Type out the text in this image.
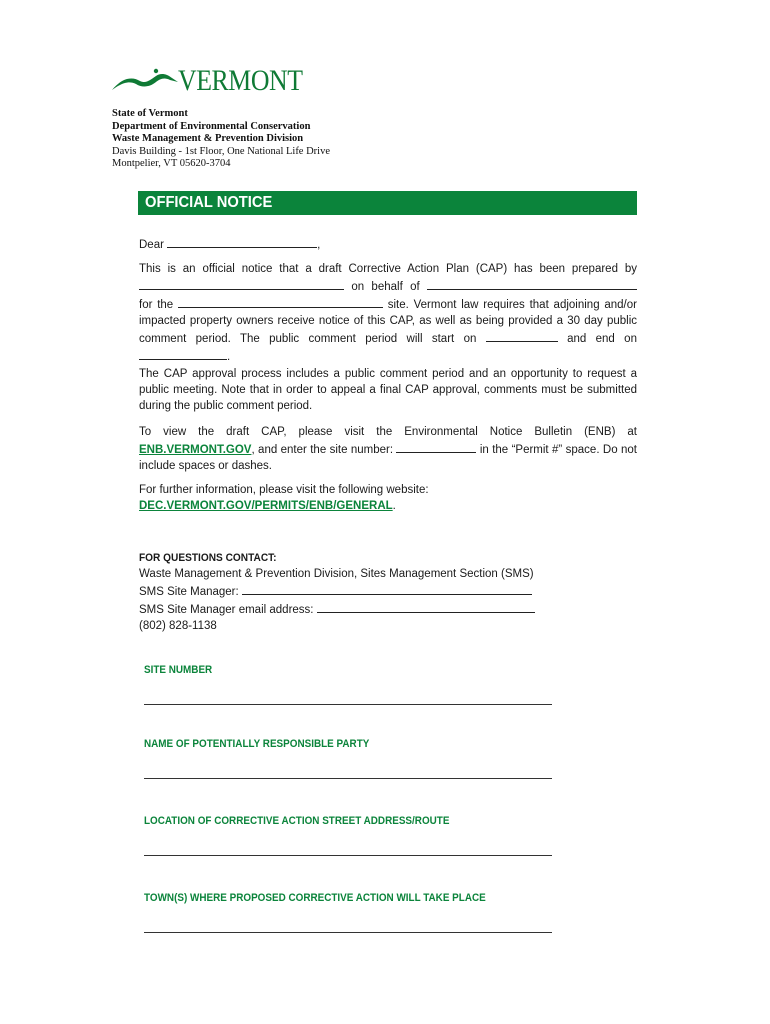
VERMONT
State of Vermont
Department of Environmental Conservation
Waste Management & Prevention Division
Davis Building - 1st Floor, One National Life Drive
Montpelier, VT 05620-3704
OFFICIAL NOTICE
Dear	,
This is an official notice that a draft Corrective Action Plan (CAP) has been prepared by  on behalf of  for the	site. Vermont law requires that adjoining and/or impacted property owners receive notice of this CAP, as well as being provided a 30 day public comment period. The public comment period will start on	and end on .
The CAP approval process includes a public comment period and an opportunity to request a public meeting. Note that in order to appeal a final CAP approval, comments must be submitted during the public comment period.
To view the draft CAP, please visit the Environmental Notice Bulletin (ENB) at ENB.VERMONT.GOV, and enter the site number:	in the “Permit #” space. Do not include spaces or dashes.
For further information, please visit the following website:
DEC.VERMONT.GOV/PERMITS/ENB/GENERAL.
FOR QUESTIONS CONTACT:
Waste Management & Prevention Division, Sites Management Section (SMS)
SMS Site Manager:
SMS Site Manager email address:
(802) 828-1138
SITE NUMBER
NAME OF POTENTIALLY RESPONSIBLE PARTY
LOCATION OF CORRECTIVE ACTION STREET ADDRESS/ROUTE
TOWN(S) WHERE PROPOSED CORRECTIVE ACTION WILL TAKE PLACE
